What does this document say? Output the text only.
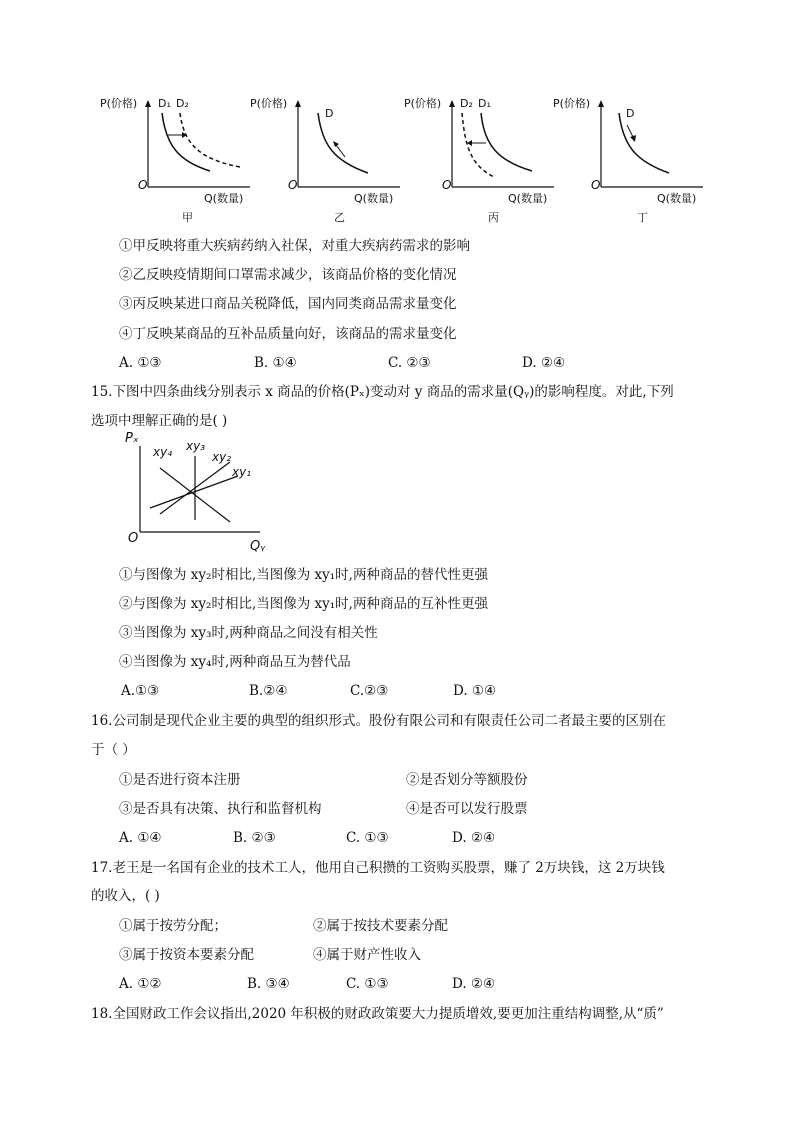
P(价格) D₁ D₂
O
Q(数量)
甲
P(价格)
D
O
Q(数量)
乙
P(价格) D₂ D₁
O
Q(数量)
丙
P(价格)
D
O
Q(数量)
丁
①甲反映将重大疾病药纳入社保，对重大疾病药需求的影响
②乙反映疫情期间口罩需求减少，该商品价格的变化情况
③丙反映某进口商品关税降低，国内同类商品需求量变化
④丁反映某商品的互补品质量向好，该商品的需求量变化
A. ①③	B. ①④	C. ②③	D. ②④
15.下图中四条曲线分别表示 x 商品的价格(Pₓ)变动对 y 商品的需求量(Qᵧ)的影响程度。对此,下列
选项中理解正确的是( )
Pₓ
xy₄ xy₃
xy₂
xy₁
O
Qᵧ
①与图像为 xy₂时相比,当图像为 xy₁时,两种商品的替代性更强
②与图像为 xy₂时相比,当图像为 xy₁时,两种商品的互补性更强
③当图像为 xy₃时,两种商品之间没有相关性
④当图像为 xy₄时,两种商品互为替代品
A.①③	B.②④	C.②③	D. ①④
16.公司制是现代企业主要的典型的组织形式。股份有限公司和有限责任公司二者最主要的区别在
于（ ）
①是否进行资本注册	②是否划分等额股份
③是否具有决策、执行和监督机构	④是否可以发行股票
A. ①④	B. ②③	C. ①③	D. ②④
17.老王是一名国有企业的技术工人，他用自己积攒的工资购买股票，赚了 2万块钱，这 2万块钱
的收入，( )
①属于按劳分配；	②属于按技术要素分配
③属于按资本要素分配	④属于财产性收入
A. ①②	B. ③④	C. ①③	D. ②④
18.全国财政工作会议指出,2020 年积极的财政政策要大力提质增效,要更加注重结构调整,从“质”
